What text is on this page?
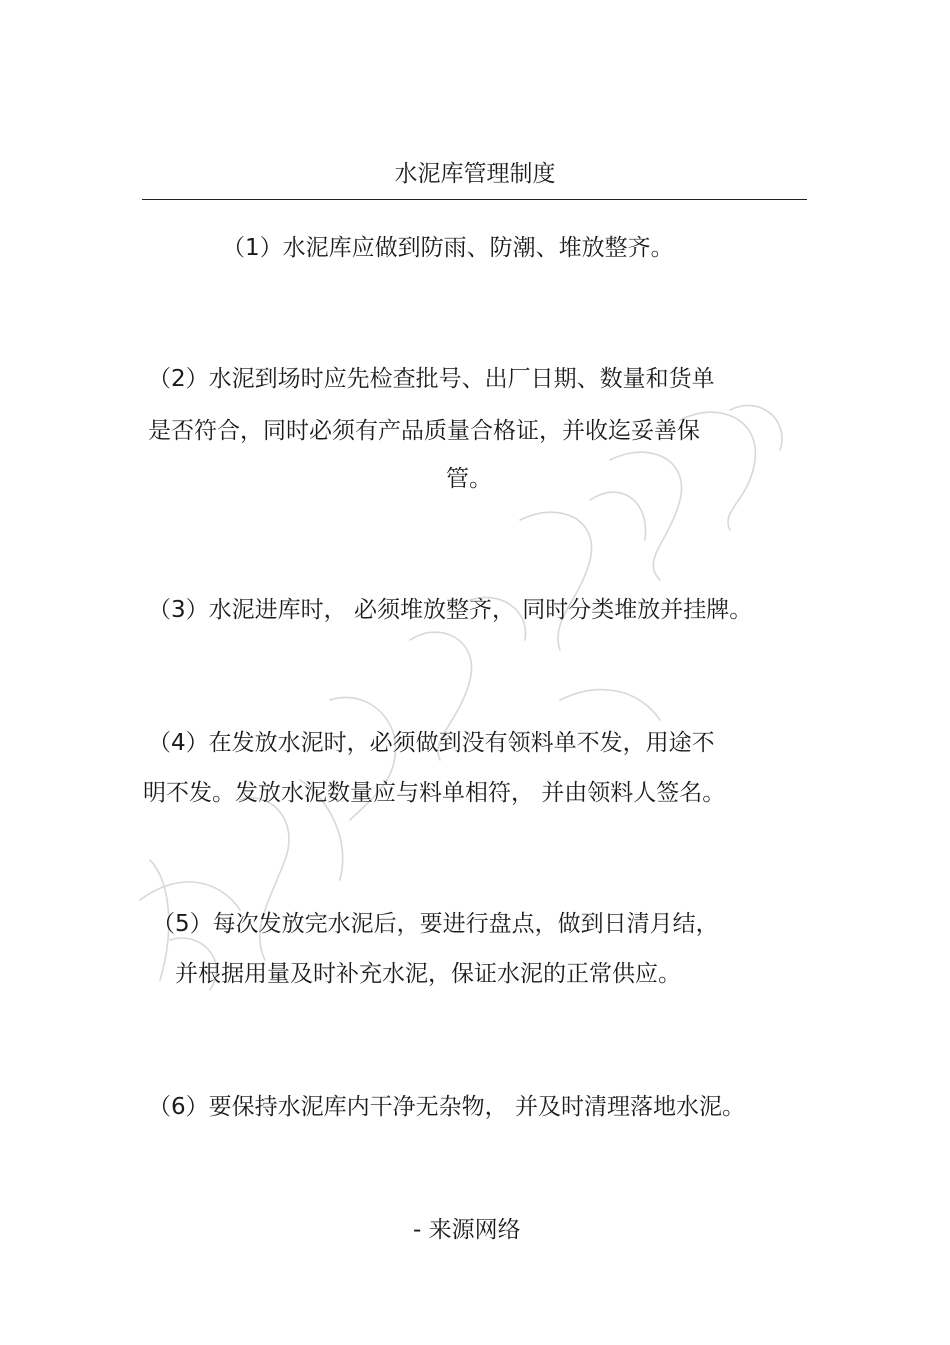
水泥库管理制度
（1）水泥库应做到防雨、防潮、堆放整齐。
（2）水泥到场时应先检查批号、出厂日期、数量和货单
是否符合，同时必须有产品质量合格证，并收迄妥善保
管。
（3）水泥进库时， 必须堆放整齐， 同时分类堆放并挂牌。
（4）在发放水泥时，必须做到没有领料单不发，用途不
明不发。发放水泥数量应与料单相符， 并由领料人签名。
（5）每次发放完水泥后，要进行盘点，做到日清月结，
并根据用量及时补充水泥，保证水泥的正常供应。
（6）要保持水泥库内干净无杂物， 并及时清理落地水泥。
- 来源网络
